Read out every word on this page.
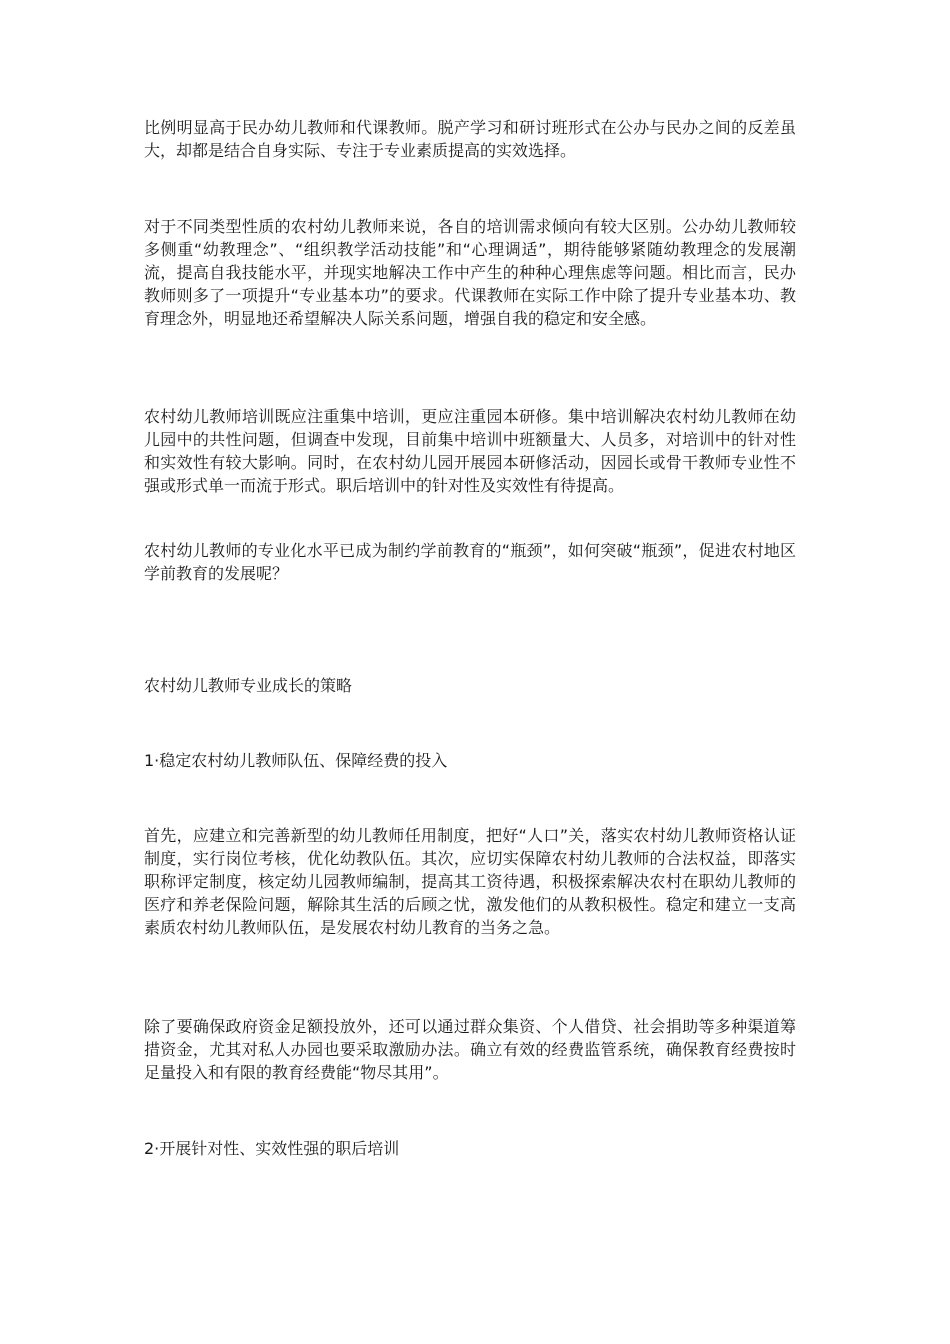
比例明显高于民办幼儿教师和代课教师。脱产学习和研讨班形式在公办与民办之间的反差虽大，却都是结合自身实际、专注于专业素质提高的实效选择。

对于不同类型性质的农村幼儿教师来说，各自的培训需求倾向有较大区别。公办幼儿教师较多侧重“幼教理念”、“组织教学活动技能”和“心理调适”，期待能够紧随幼教理念的发展潮流，提高自我技能水平，并现实地解决工作中产生的种种心理焦虑等问题。相比而言，民办教师则多了一项提升“专业基本功”的要求。代课教师在实际工作中除了提升专业基本功、教育理念外，明显地还希望解决人际关系问题，增强自我的稳定和安全感。

农村幼儿教师培训既应注重集中培训，更应注重园本研修。集中培训解决农村幼儿教师在幼儿园中的共性问题，但调查中发现，目前集中培训中班额量大、人员多，对培训中的针对性和实效性有较大影响。同时，在农村幼儿园开展园本研修活动，因园长或骨干教师专业性不强或形式单一而流于形式。职后培训中的针对性及实效性有待提高。

农村幼儿教师的专业化水平已成为制约学前教育的“瓶颈”，如何突破“瓶颈”，促进农村地区学前教育的发展呢？

农村幼儿教师专业成长的策略
1·稳定农村幼儿教师队伍、保障经费的投入

首先，应建立和完善新型的幼儿教师任用制度，把好“人口”关，落实农村幼儿教师资格认证制度，实行岗位考核，优化幼教队伍。其次，应切实保障农村幼儿教师的合法权益，即落实职称评定制度，核定幼儿园教师编制，提高其工资待遇，积极探索解决农村在职幼儿教师的医疗和养老保险问题，解除其生活的后顾之忧，激发他们的从教积极性。稳定和建立一支高素质农村幼儿教师队伍，是发展农村幼儿教育的当务之急。

除了要确保政府资金足额投放外，还可以通过群众集资、个人借贷、社会捐助等多种渠道筹措资金，尤其对私人办园也要采取激励办法。确立有效的经费监管系统，确保教育经费按时足量投入和有限的教育经费能“物尽其用”。

2·开展针对性、实效性强的职后培训
